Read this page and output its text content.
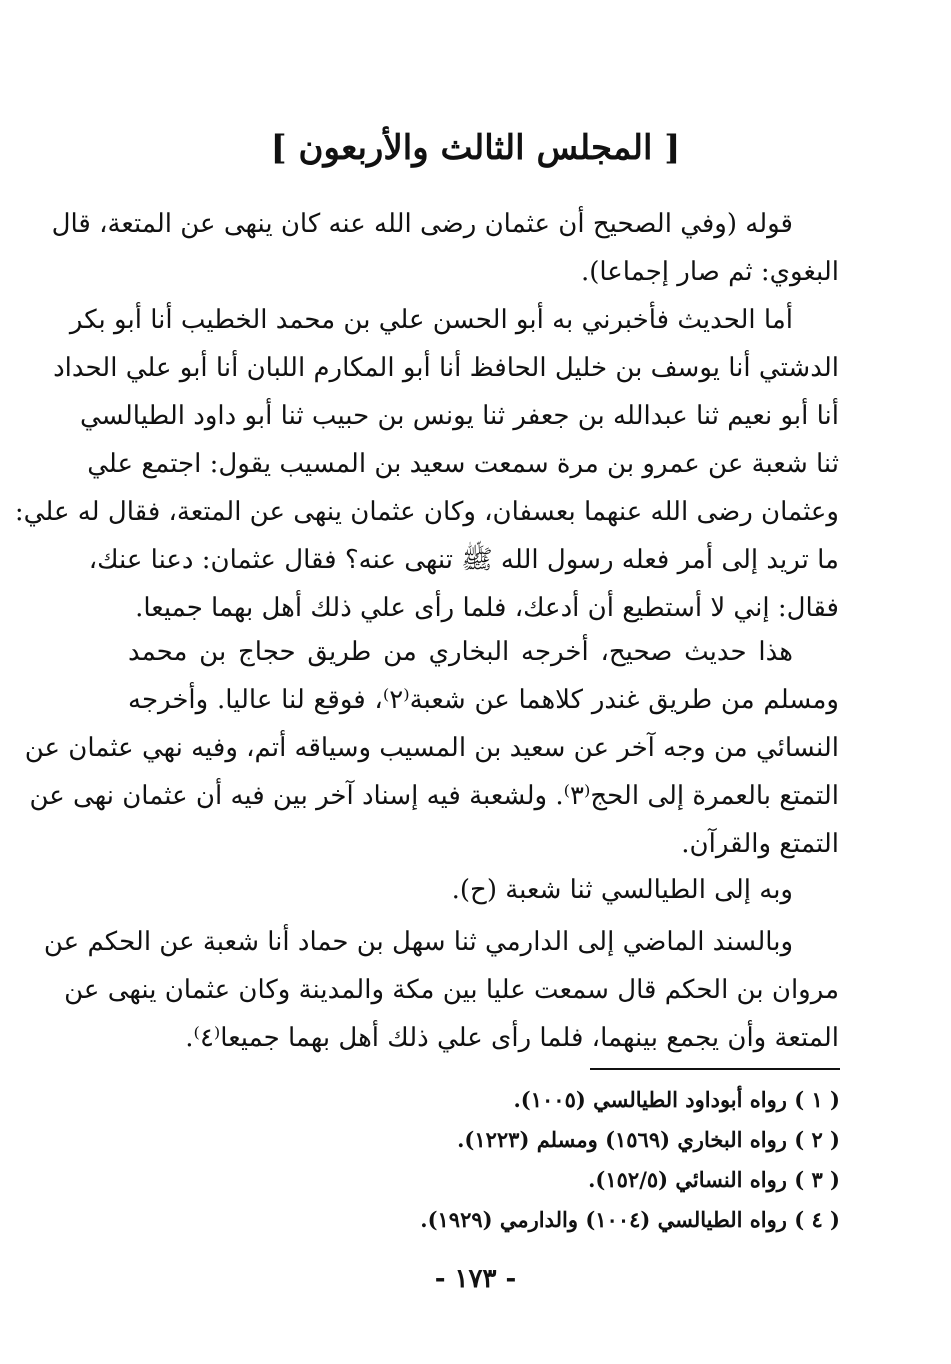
[ المجلس الثالث والأربعون ]
قوله (وفي الصحيح أن عثمان رضى الله عنه كان ينهى عن المتعة، قال
البغوي: ثم صار إجماعا).
أما الحديث فأخبرني به أبو الحسن علي بن محمد الخطيب أنا أبو بكر
الدشتي أنا يوسف بن خليل الحافظ أنا أبو المكارم اللبان أنا أبو علي الحداد
أنا أبو نعيم ثنا عبدالله بن جعفر ثنا يونس بن حبيب ثنا أبو داود الطيالسي
ثنا شعبة عن عمرو بن مرة سمعت سعيد بن المسيب يقول: اجتمع علي
وعثمان رضى الله عنهما بعسفان، وكان عثمان ينهى عن المتعة، فقال له علي:
ما تريد إلى أمر فعله رسول الله ﷺ تنهى عنه؟ فقال عثمان: دعنا عنك،
فقال: إني لا أستطيع أن أدعك، فلما رأى علي ذلك أهل بهما جميعا.
هذا حديث صحيح، أخرجه البخاري من طريق حجاج بن محمد
ومسلم من طريق غندر كلاهما عن شعبة⁽٢⁾، فوقع لنا عاليا. وأخرجه
النسائي من وجه آخر عن سعيد بن المسيب وسياقه أتم، وفيه نهي عثمان عن
التمتع بالعمرة إلى الحج⁽٣⁾. ولشعبة فيه إسناد آخر بين فيه أن عثمان نهى عن
التمتع والقرآن.
وبه إلى الطيالسي ثنا شعبة (ح).
وبالسند الماضي إلى الدارمي ثنا سهل بن حماد أنا شعبة عن الحكم عن
مروان بن الحكم قال سمعت عليا بين مكة والمدينة وكان عثمان ينهى عن
المتعة وأن يجمع بينهما، فلما رأى علي ذلك أهل بهما جميعا⁽٤⁾.
( ١ ) رواه أبوداود الطيالسي (١٠٠٥).
( ٢ ) رواه البخاري (١٥٦٩) ومسلم (١٢٢٣).
( ٣ ) رواه النسائي (١٥٢/٥).
( ٤ ) رواه الطيالسي (١٠٠٤) والدارمي (١٩٢٩).
- ١٧٣ -
